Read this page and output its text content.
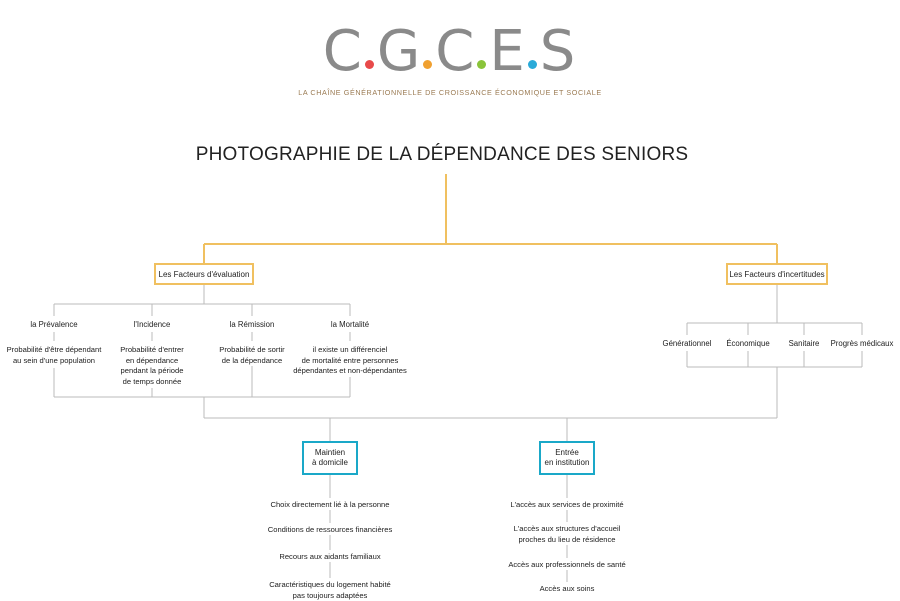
C G C E S
LA CHAÎNE GÉNÉRATIONNELLE DE CROISSANCE ÉCONOMIQUE ET SOCIALE
PHOTOGRAPHIE DE LA DÉPENDANCE DES SENIORS
Les Facteurs d'évaluation	Les Facteurs d'incertitudes
la Prévalence	l'Incidence	la Rémission	la Mortalité
Probabilité d'être dépendant
au sein d'une population
Probabilité d'entrer
en dépendance
pendant la période
de temps donnée
Probabilité de sortir
de la dépendance
il existe un différenciel
de mortalité entre personnes
dépendantes et non-dépendantes
Générationnel	Économique	Sanitaire	Progrès médicaux
Maintien
à domicile
Entrée
en institution
Choix directement lié à la personne
Conditions de ressources financières
Recours aux aidants familiaux
Caractéristiques du logement habité
pas toujours adaptées
L'accès aux services de proximité
L'accès aux structures d'accueil
proches du lieu de résidence
Accès aux professionnels de santé
Accès aux soins
